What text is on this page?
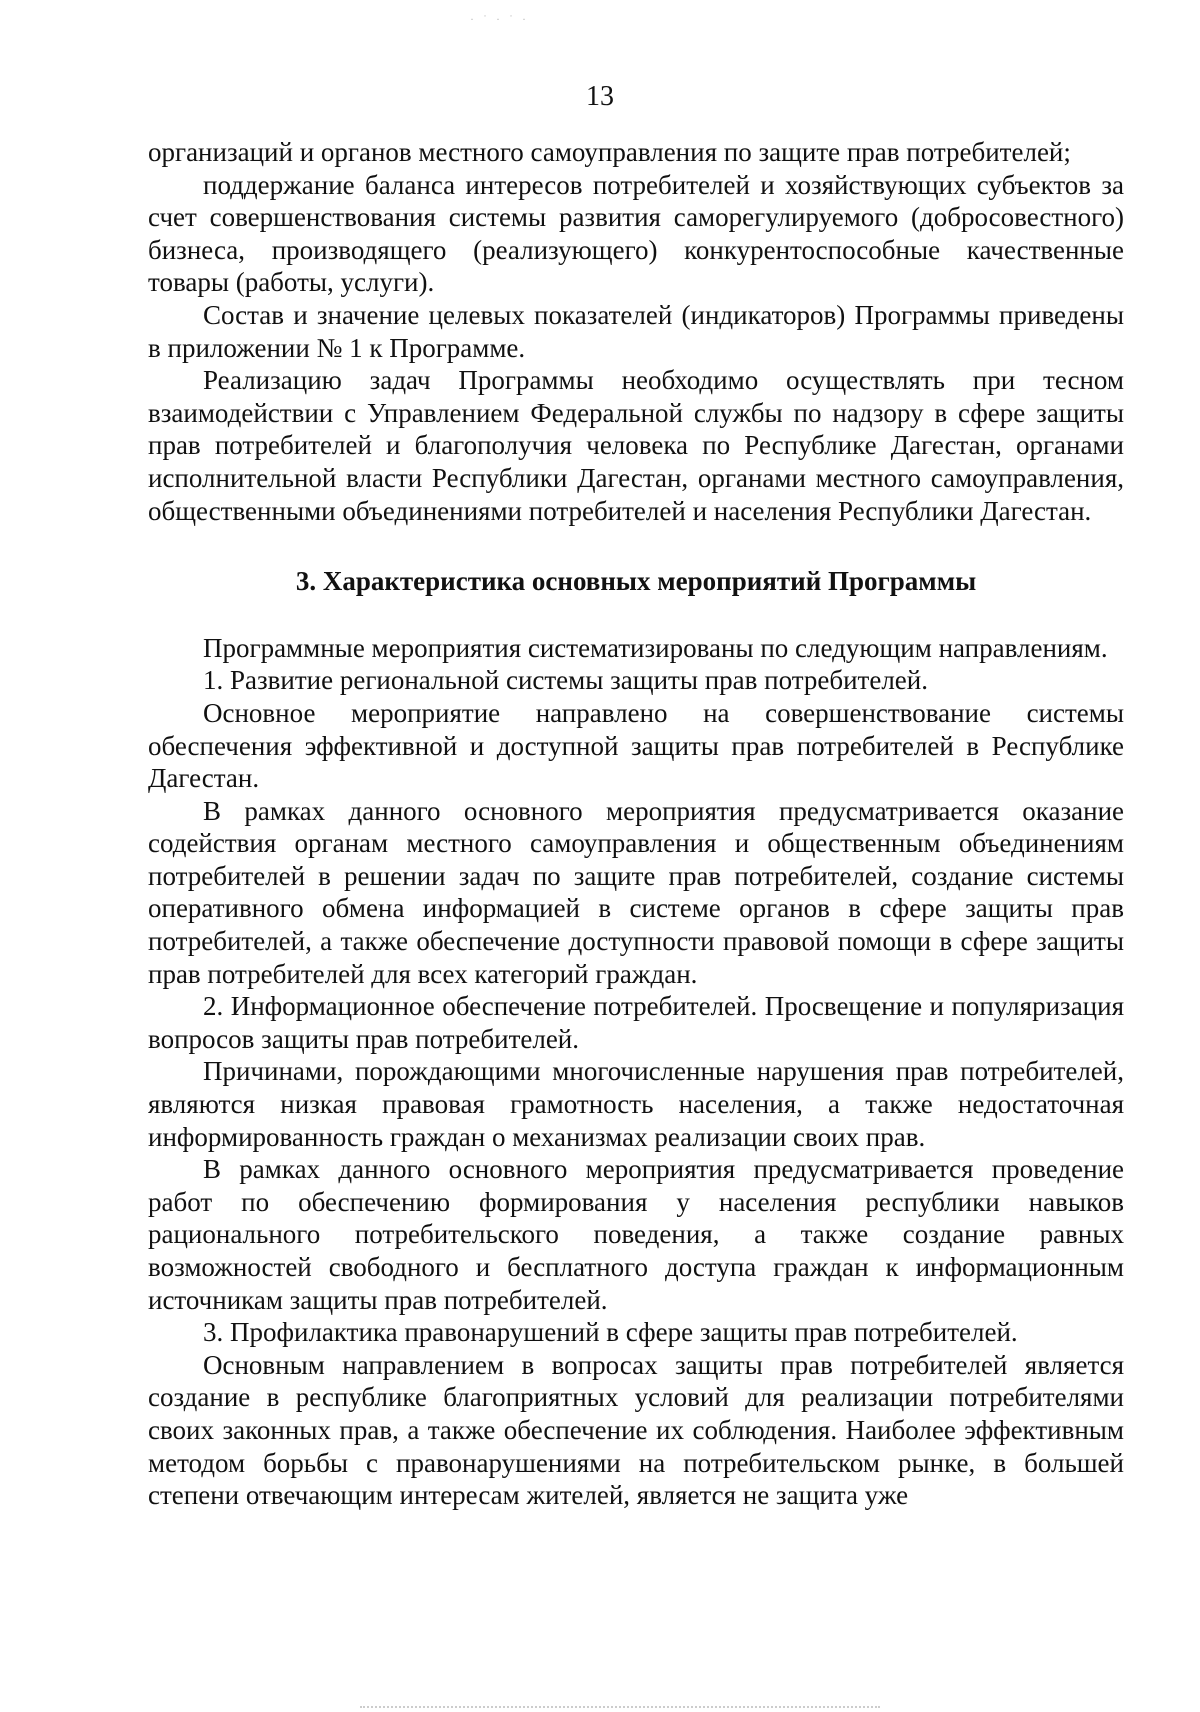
· ˙ · ˙ ·
13

организаций и органов местного самоуправления по защите прав потребителей;

поддержание баланса интересов потребителей и хозяйствующих субъектов за счет совершенствования системы развития саморегулируемого (добросовестного) бизнеса, производящего (реализующего) конкурентоспособные качественные товары (работы, услуги).

Состав и значение целевых показателей (индикаторов) Программы приведены в приложении № 1 к Программе.

Реализацию задач Программы необходимо осуществлять при тесном взаимодействии с Управлением Федеральной службы по надзору в сфере защиты прав потребителей и благополучия человека по Республике Дагестан, органами исполнительной власти Республики Дагестан, органами местного самоуправления, общественными объединениями потребителей и населения Республики Дагестан.

3. Характеристика основных мероприятий Программы

Программные мероприятия систематизированы по следующим направлениям.

1. Развитие региональной системы защиты прав потребителей.

Основное мероприятие направлено на совершенствование системы обеспечения эффективной и доступной защиты прав потребителей в Республике Дагестан.

В рамках данного основного мероприятия предусматривается оказание содействия органам местного самоуправления и общественным объединениям потребителей в решении задач по защите прав потребителей, создание системы оперативного обмена информацией в системе органов в сфере защиты прав потребителей, а также обеспечение доступности правовой помощи в сфере защиты прав потребителей для всех категорий граждан.

2. Информационное обеспечение потребителей. Просвещение и популяризация вопросов защиты прав потребителей.

Причинами, порождающими многочисленные нарушения прав потребителей, являются низкая правовая грамотность населения, а также недостаточная информированность граждан о механизмах реализации своих прав.

В рамках данного основного мероприятия предусматривается проведение работ по обеспечению формирования у населения республики навыков рационального потребительского поведения, а также создание равных возможностей свободного и бесплатного доступа граждан к информационным источникам защиты прав потребителей.

3. Профилактика правонарушений в сфере защиты прав потребителей.

Основным направлением в вопросах защиты прав потребителей является создание в республике благоприятных условий для реализации потребителями своих законных прав, а также обеспечение их соблюдения. Наиболее эффективным методом борьбы с правонарушениями на потребительском рынке, в большей степени отвечающим интересам жителей, является не защита уже
